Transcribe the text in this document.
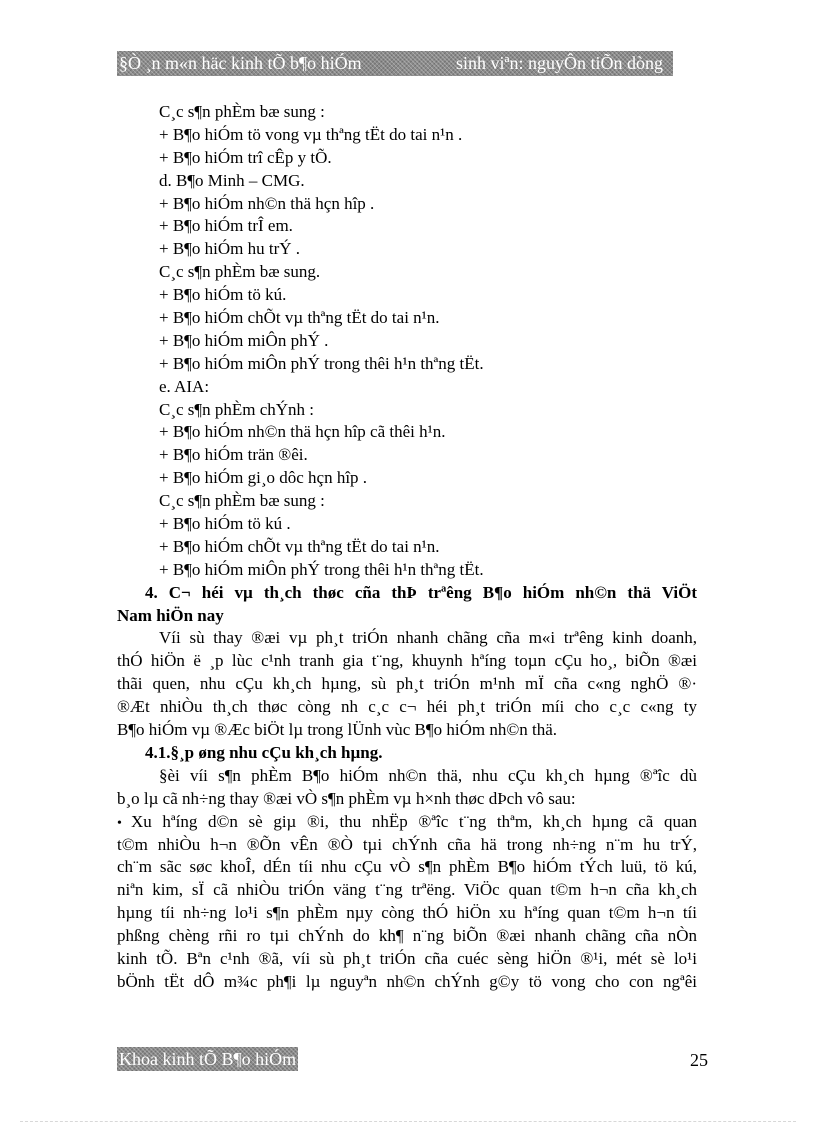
§Ò ¸n m«n häc kinh tÕ b¶o hiÓm	sinh viªn: nguyÔn tiÕn dòng
C¸c s¶n phÈm bæ sung :
+ B¶o hiÓm tö vong vµ thªng tËt do tai n¹n .
+ B¶o hiÓm trî cÊp y tÕ.
d. B¶o Minh – CMG.
+ B¶o hiÓm nh©n thä hçn hîp .
+ B¶o hiÓm trÎ em.
+ B¶o hiÓm hu trÝ .
C¸c s¶n phÈm bæ sung.
+ B¶o hiÓm tö kú.
+ B¶o hiÓm chÕt vµ thªng tËt do tai n¹n.
+ B¶o hiÓm miÔn phÝ .
+ B¶o hiÓm miÔn phÝ trong thêi h¹n thªng tËt.
e. AIA:
C¸c s¶n phÈm chÝnh :
+ B¶o hiÓm nh©n thä hçn hîp cã thêi h¹n.
+ B¶o hiÓm trän ®êi.
+ B¶o hiÓm gi¸o dôc hçn hîp .
C¸c s¶n phÈm bæ sung :
+ B¶o hiÓm tö kú .
+ B¶o hiÓm chÕt vµ thªng tËt do tai n¹n.
+ B¶o hiÓm miÔn phÝ trong thêi h¹n thªng tËt.
4. C¬ héi vµ th¸ch thøc cña thÞ trªêng B¶o hiÓm nh©n thä ViÖt
Nam hiÖn nay
Víi sù thay ®æi vµ ph¸t triÓn nhanh chãng cña m«i trªêng kinh doanh,
thÓ hiÖn ë ¸p lùc c¹nh tranh gia t¨ng, khuynh hªíng toµn cÇu ho¸, biÕn ®æi
thãi quen, nhu cÇu kh¸ch hµng, sù ph¸t triÓn m¹nh mÏ cña c«ng nghÖ ®·
®Æt nhiÒu th¸ch thøc còng nh c¸c c¬ héi ph¸t triÓn míi cho c¸c c«ng ty
B¶o hiÓm vµ ®Æc biÖt lµ trong lÜnh vùc B¶o hiÓm nh©n thä.
4.1.§¸p øng nhu cÇu kh¸ch hµng.
§èi víi s¶n phÈm B¶o hiÓm nh©n thä, nhu cÇu kh¸ch hµng ®ªîc dù
b¸o lµ cã nh÷ng thay ®æi vÒ s¶n phÈm vµ h×nh thøc dÞch vô sau:
• Xu hªíng d©n sè giµ ®i, thu nhËp ®ªîc t¨ng thªm, kh¸ch hµng cã quan
t©m nhiÒu h¬n ®Õn vÊn ®Ò tµi chÝnh cña hä trong nh÷ng n¨m hu trÝ,
ch¨m sãc søc khoÎ, dÉn tíi nhu cÇu vÒ s¶n phÈm B¶o hiÓm tÝch luü, tö kú,
niªn kim, sÏ cã nhiÒu triÓn väng t¨ng trªëng. ViÖc quan t©m h¬n cña kh¸ch
hµng tíi nh÷ng lo¹i s¶n phÈm nµy còng thÓ hiÖn xu hªíng quan t©m h¬n tíi
phßng chèng rñi ro tµi chÝnh do kh¶ n¨ng biÕn ®æi nhanh chãng cña nÒn
kinh tÕ. Bªn c¹nh ®ã, víi sù ph¸t triÓn cña cuéc sèng hiÖn ®¹i, mét sè lo¹i
bÖnh tËt dÔ m¾c ph¶i lµ nguyªn nh©n chÝnh g©y tö vong cho con ngªêi
Khoa kinh tÕ B¶o hiÓm	25
